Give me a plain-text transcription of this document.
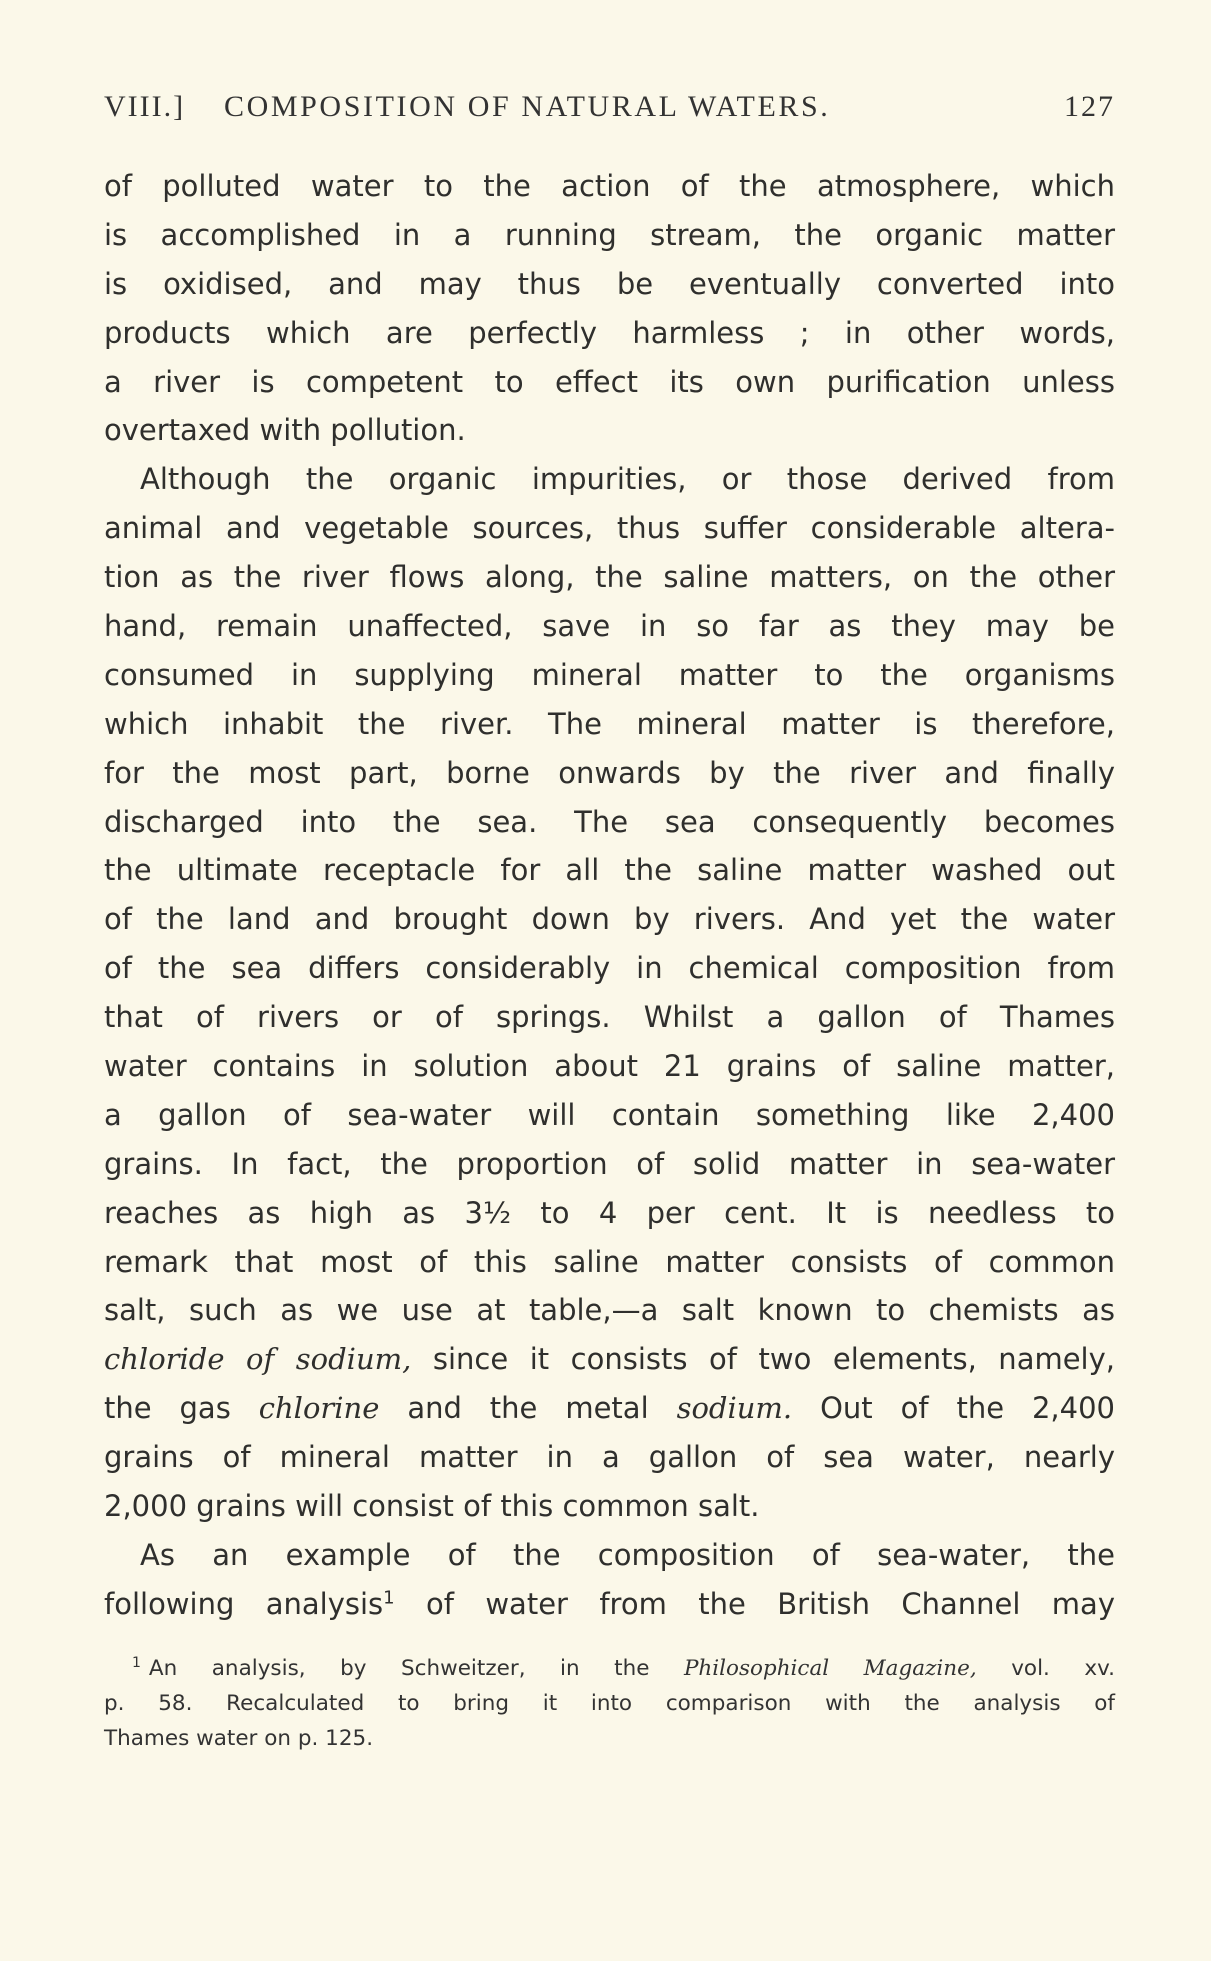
VIII.] COMPOSITION OF NATURAL WATERS.	127

of polluted water to the action of the atmosphere, which
is accomplished in a running stream, the organic matter
is oxidised, and may thus be eventually converted into
products which are perfectly harmless ; in other words,
a river is competent to effect its own purification unless
overtaxed with pollution.

Although the organic impurities, or those derived from
animal and vegetable sources, thus suffer considerable altera-
tion as the river flows along, the saline matters, on the other
hand, remain unaffected, save in so far as they may be
consumed in supplying mineral matter to the organisms
which inhabit the river. The mineral matter is therefore,
for the most part, borne onwards by the river and finally
discharged into the sea. The sea consequently becomes
the ultimate receptacle for all the saline matter washed out
of the land and brought down by rivers. And yet the water
of the sea differs considerably in chemical composition from
that of rivers or of springs. Whilst a gallon of Thames
water contains in solution about 21 grains of saline matter,
a gallon of sea-water will contain something like 2,400
grains. In fact, the proportion of solid matter in sea-water
reaches as high as 3½ to 4 per cent. It is needless to
remark that most of this saline matter consists of common
salt, such as we use at table,—a salt known to chemists as
chloride of sodium, since it consists of two elements, namely,
the gas chlorine and the metal sodium. Out of the 2,400
grains of mineral matter in a gallon of sea water, nearly
2,000 grains will consist of this common salt.

As an example of the composition of sea-water, the
following analysis$^1$ of water from the British Channel may

$^1$ An analysis, by Schweitzer, in the Philosophical Magazine, vol. xv.
p. 58. Recalculated to bring it into comparison with the analysis of
Thames water on p. 125.
